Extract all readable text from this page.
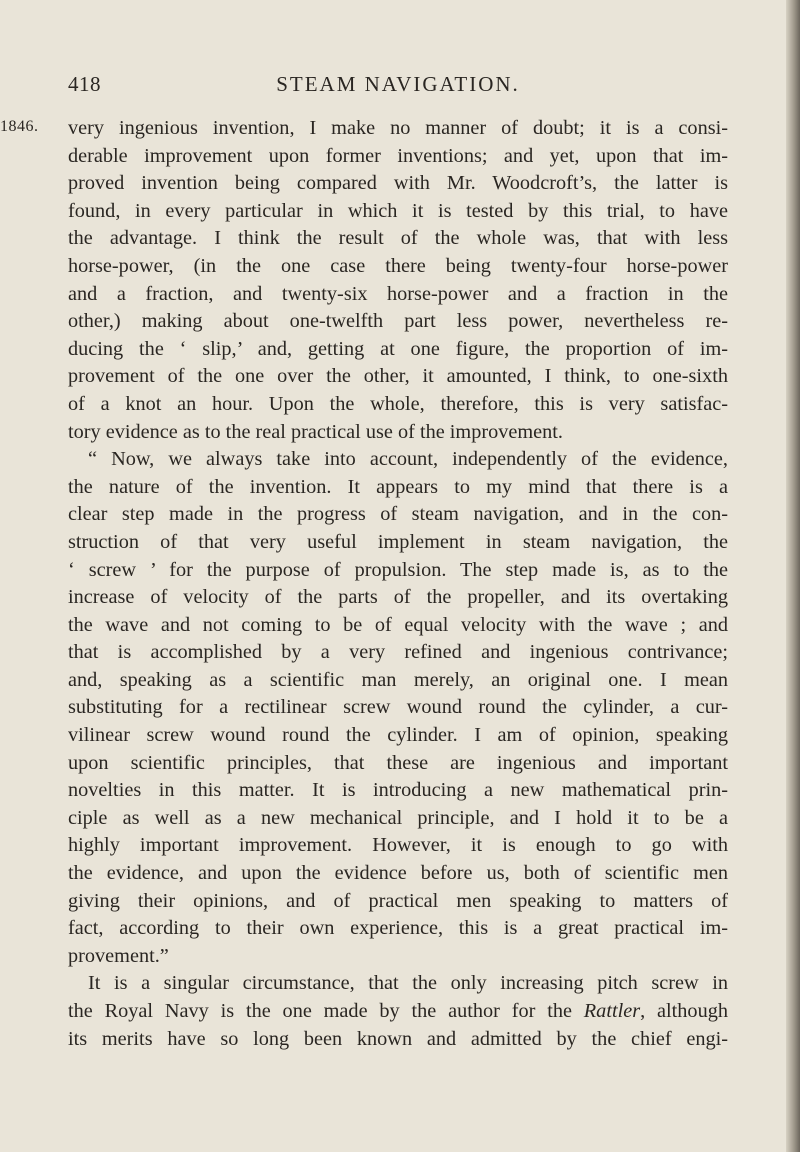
418	STEAM NAVIGATION.
1846. very ingenious invention, I make no manner of doubt; it is a consi-
derable improvement upon former inventions; and yet, upon that im-
proved invention being compared with Mr. Woodcroft’s, the latter is
found, in every particular in which it is tested by this trial, to have
the advantage. I think the result of the whole was, that with less
horse-power, (in the one case there being twenty-four horse-power
and a fraction, and twenty-six horse-power and a fraction in the
other,) making about one-twelfth part less power, nevertheless re-
ducing the ‘ slip,’ and, getting at one figure, the proportion of im-
provement of the one over the other, it amounted, I think, to one-sixth
of a knot an hour. Upon the whole, therefore, this is very satisfac-
tory evidence as to the real practical use of the improvement.
“ Now, we always take into account, independently of the evidence,
the nature of the invention. It appears to my mind that there is a
clear step made in the progress of steam navigation, and in the con-
struction of that very useful implement in steam navigation, the
‘ screw ’ for the purpose of propulsion. The step made is, as to the
increase of velocity of the parts of the propeller, and its overtaking
the wave and not coming to be of equal velocity with the wave ; and
that is accomplished by a very refined and ingenious contrivance;
and, speaking as a scientific man merely, an original one. I mean
substituting for a rectilinear screw wound round the cylinder, a cur-
vilinear screw wound round the cylinder. I am of opinion, speaking
upon scientific principles, that these are ingenious and important
novelties in this matter. It is introducing a new mathematical prin-
ciple as well as a new mechanical principle, and I hold it to be a
highly important improvement. However, it is enough to go with
the evidence, and upon the evidence before us, both of scientific men
giving their opinions, and of practical men speaking to matters of
fact, according to their own experience, this is a great practical im-
provement.”
It is a singular circumstance, that the only increasing pitch screw in
the Royal Navy is the one made by the author for the Rattler, although
its merits have so long been known and admitted by the chief engi-
